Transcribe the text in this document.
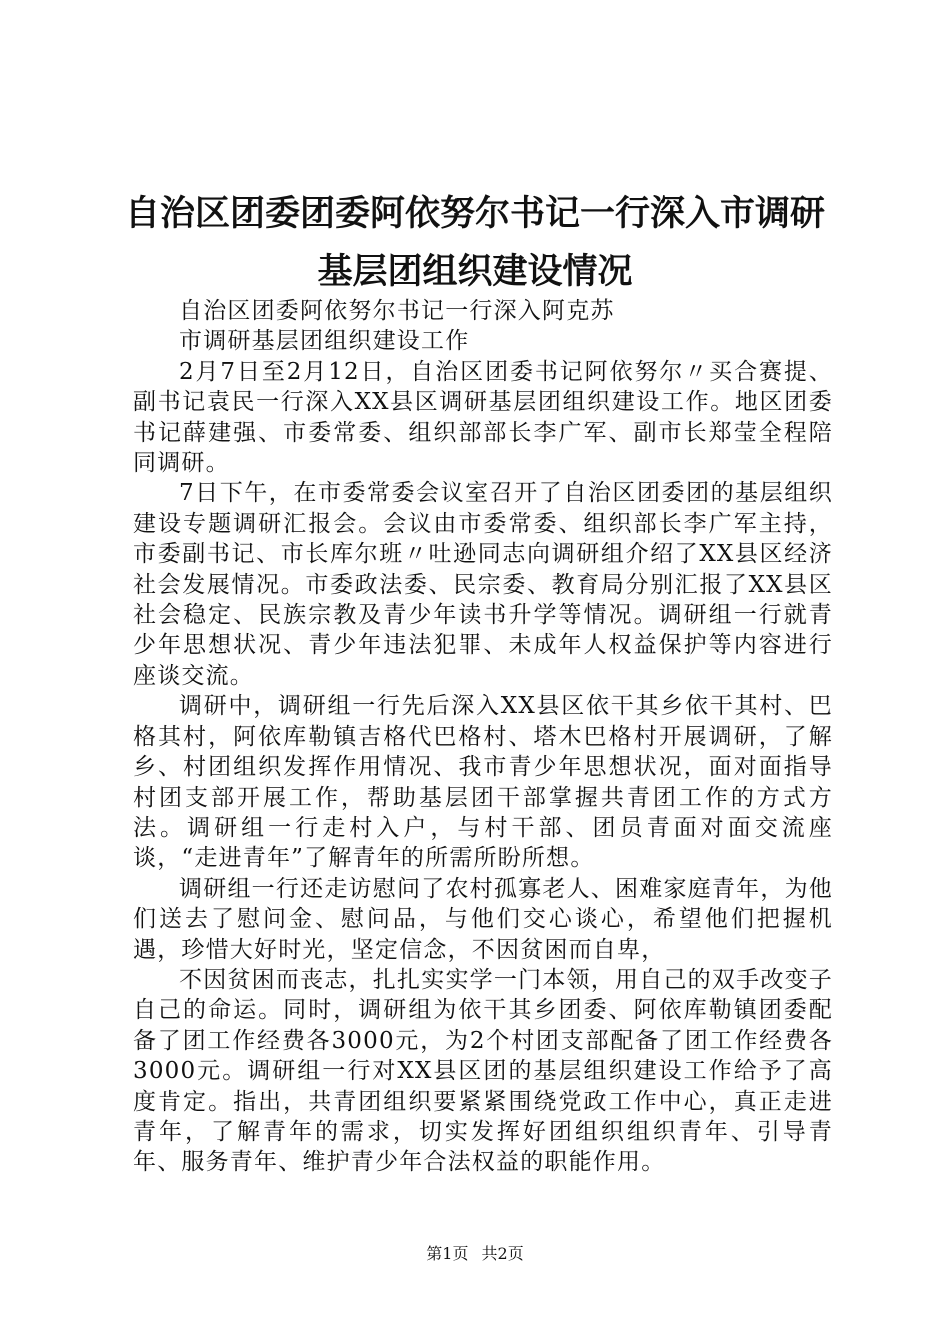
自治区团委团委阿依努尔书记一行深入市调研
基层团组织建设情况

自治区团委阿依努尔书记一行深入阿克苏

市调研基层团组织建设工作

2月7日至2月12日，自治区团委书记阿依努尔〃买合赛提、副书记袁民一行深入XX县区调研基层团组织建设工作。地区团委书记薛建强、市委常委、组织部部长李广军、副市长郑莹全程陪同调研。

7日下午，在市委常委会议室召开了自治区团委团的基层组织建设专题调研汇报会。会议由市委常委、组织部长李广军主持，市委副书记、市长库尔班〃吐逊同志向调研组介绍了XX县区经济社会发展情况。市委政法委、民宗委、教育局分别汇报了XX县区社会稳定、民族宗教及青少年读书升学等情况。调研组一行就青少年思想状况、青少年违法犯罪、未成年人权益保护等内容进行座谈交流。

调研中，调研组一行先后深入XX县区依干其乡依干其村、巴格其村，阿依库勒镇吉格代巴格村、塔木巴格村开展调研，了解乡、村团组织发挥作用情况、我市青少年思想状况，面对面指导村团支部开展工作，帮助基层团干部掌握共青团工作的方式方法。调研组一行走村入户，与村干部、团员青面对面交流座谈，“走进青年”了解青年的所需所盼所想。

调研组一行还走访慰问了农村孤寡老人、困难家庭青年，为他们送去了慰问金、慰问品，与他们交心谈心，希望他们把握机遇，珍惜大好时光，坚定信念，不因贫困而自卑，

不因贫困而丧志，扎扎实实学一门本领，用自己的双手改变子自己的命运。同时，调研组为依干其乡团委、阿依库勒镇团委配备了团工作经费各3000元，为2个村团支部配备了团工作经费各3000元。调研组一行对XX县区团的基层组织建设工作给予了高度肯定。指出，共青团组织要紧紧围绕党政工作中心，真正走进青年，了解青年的需求，切实发挥好团组织组织青年、引导青年、服务青年、维护青少年合法权益的职能作用。

第1页 共2页
